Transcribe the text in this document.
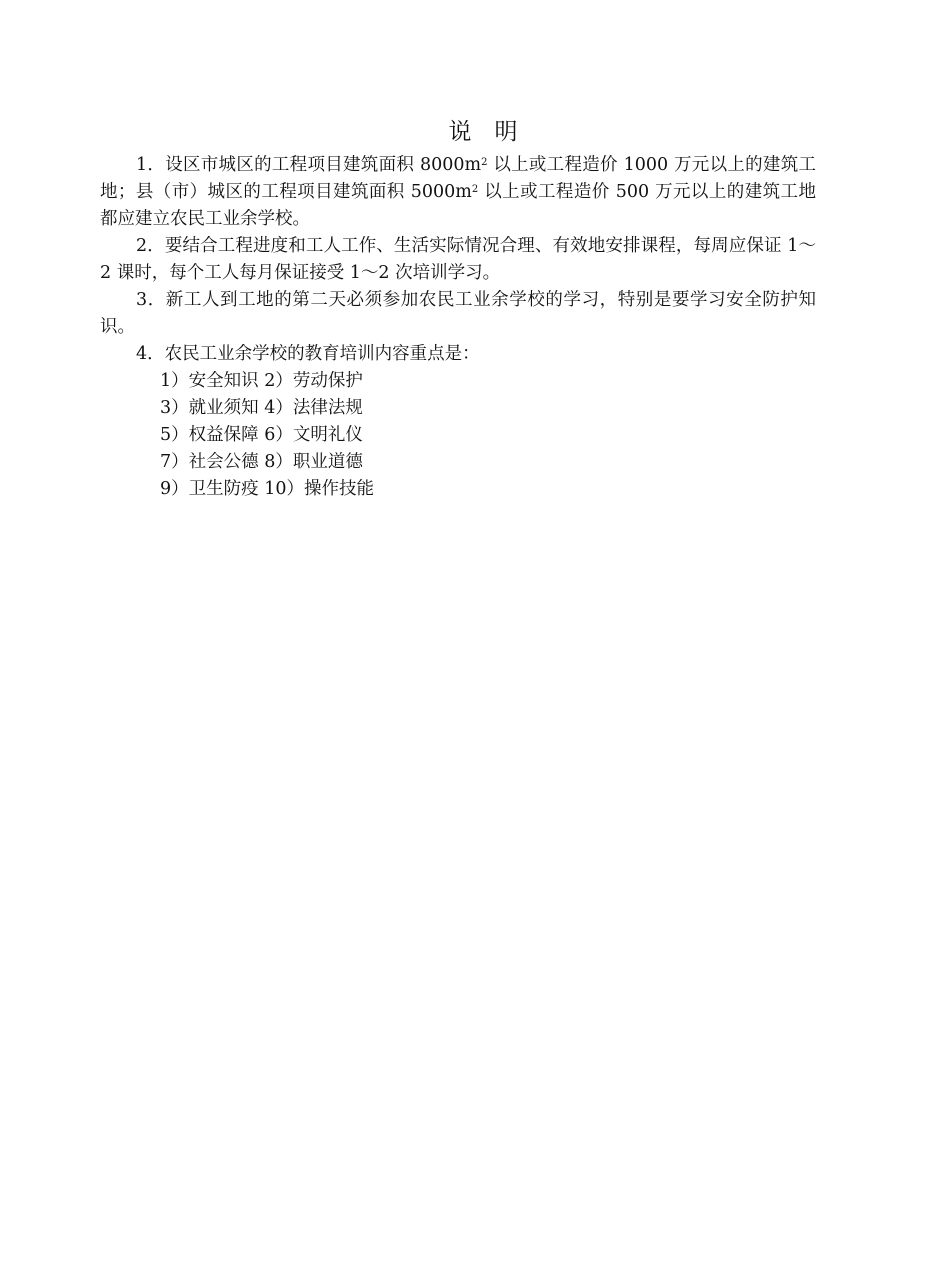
说　明

1．设区市城区的工程项目建筑面积 $8000m^2$ 以上或工程造价 1000 万元以上的建筑工地；县（市）城区的工程项目建筑面积 $5000m^2$ 以上或工程造价 500 万元以上的建筑工地都应建立农民工业余学校。

2．要结合工程进度和工人工作、生活实际情况合理、有效地安排课程，每周应保证 1～2 课时，每个工人每月保证接受 1～2 次培训学习。

3．新工人到工地的第二天必须参加农民工业余学校的学习，特别是要学习安全防护知识。

4．农民工业余学校的教育培训内容重点是：

1）安全知识 2）劳动保护
3）就业须知 4）法律法规
5）权益保障 6）文明礼仪
7）社会公德 8）职业道德
9）卫生防疫 10）操作技能
